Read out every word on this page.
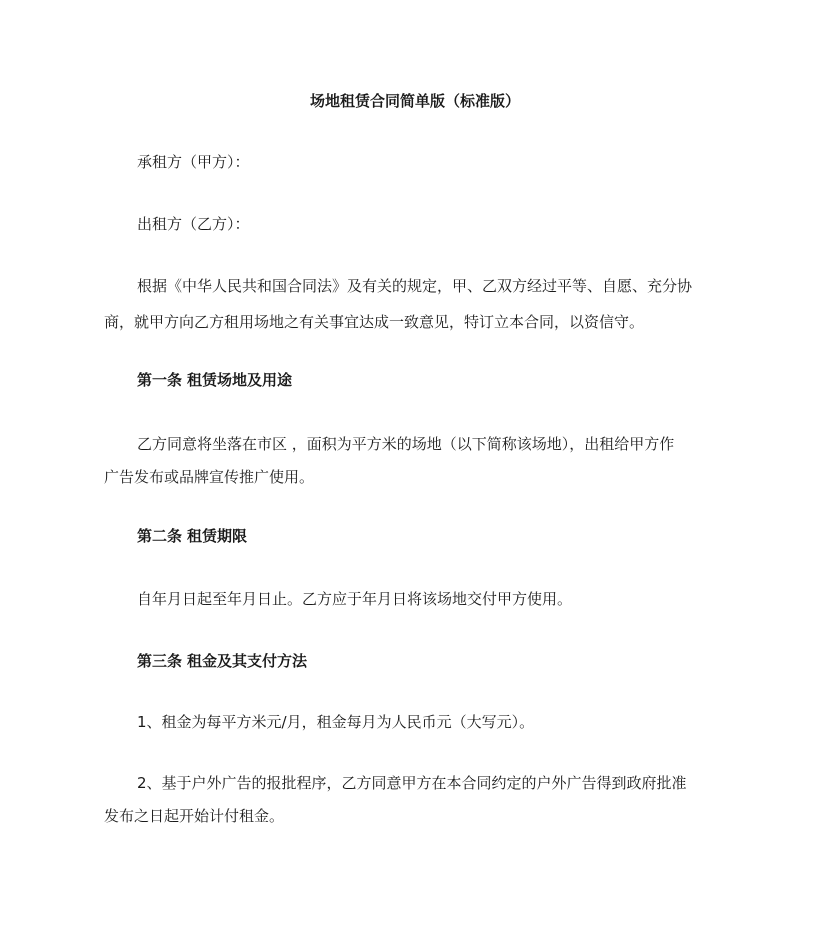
场地租赁合同简单版（标准版）
承租方（甲方）：
出租方（乙方）：
根据《中华人民共和国合同法》及有关的规定，甲、乙双方经过平等、自愿、充分协
商，就甲方向乙方租用场地之有关事宜达成一致意见，特订立本合同，以资信守。
第一条 租赁场地及用途
乙方同意将坐落在市区 ，面积为平方米的场地（以下简称该场地），出租给甲方作
广告发布或品牌宣传推广使用。
第二条 租赁期限
自年月日起至年月日止。乙方应于年月日将该场地交付甲方使用。
第三条 租金及其支付方法
1、租金为每平方米元/月，租金每月为人民币元（大写元）。
2、基于户外广告的报批程序，乙方同意甲方在本合同约定的户外广告得到政府批准
发布之日起开始计付租金。
